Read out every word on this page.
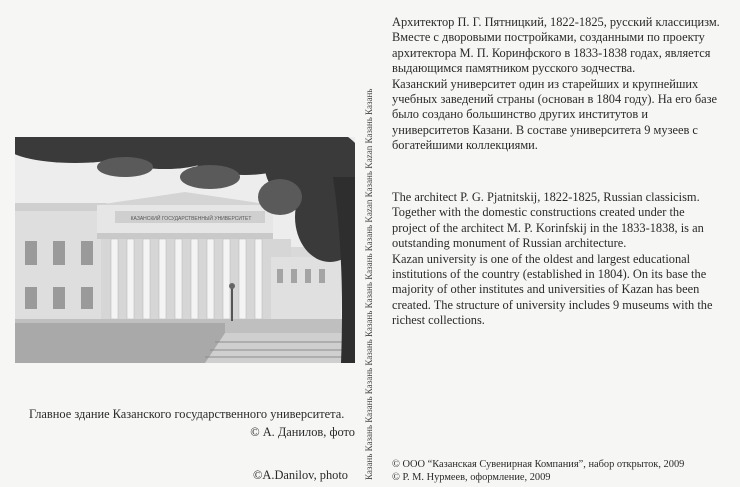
КАЗАНСКИЙ ГОСУДАРСТВЕННЫЙ УНИВЕРСИТЕТ
Главное здание Казанского государственного университета.
© А. Данилов, фото
©A.Danilov, photo Казань Казань Казань Казань Казань Казань Казань Казань Казань Kazan Казань Kazan Казань Казань

Архитектор П. Г. Пятницкий, 1822-1825, русский классицизм. Вместе с дворовыми постройками, созданными по проекту архитектора М. П. Коринфского в 1833-1838 годах, является выдающимся памятником русского зодчества.

Казанский университет один из старейших и крупнейших учебных заведений страны (основан в 1804 году). На его базе было создано большинство других институтов и университетов Казани. В составе университета 9 музеев с богатейшими коллекциями.

The architect P. G. Pjatnitskij, 1822-1825, Russian classicism. Together with the domestic constructions created under the project of the architect M. P. Korinfskij in the 1833-1838, is an outstanding monument of Russian architecture.

Kazan university is one of the oldest and largest educational institutions of the country (established in 1804). On its base the majority of other institutes and universities of Kazan has been created. The structure of university includes 9 museums with the richest collections.

© ООО “Казанская Сувенирная Компания”, набор открыток, 2009
© Р. М. Нурмеев, оформление, 2009
